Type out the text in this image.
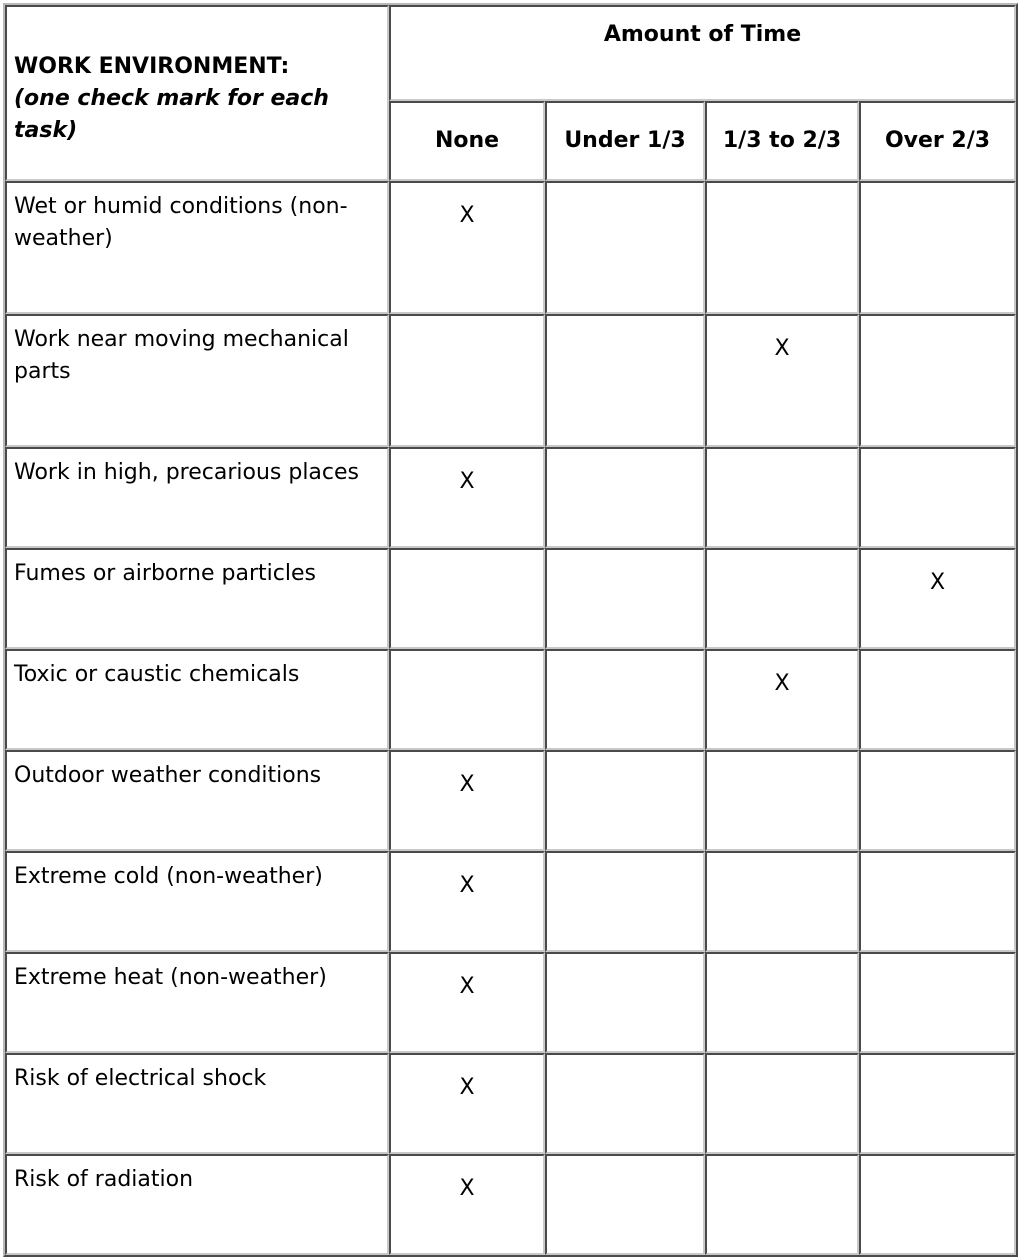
WORK ENVIRONMENT:
(one check mark for each task)	Amount of Time			
	None	Under 1/3	1/3 to 2/3	Over 2/3
Wet or humid conditions (non-weather)	X			
Work near moving mechanical parts			X	
Work in high, precarious places	X			
Fumes or airborne particles				X
Toxic or caustic chemicals			X	
Outdoor weather conditions	X			
Extreme cold (non-weather)	X			
Extreme heat (non-weather)	X			
Risk of electrical shock	X			
Risk of radiation	X			
